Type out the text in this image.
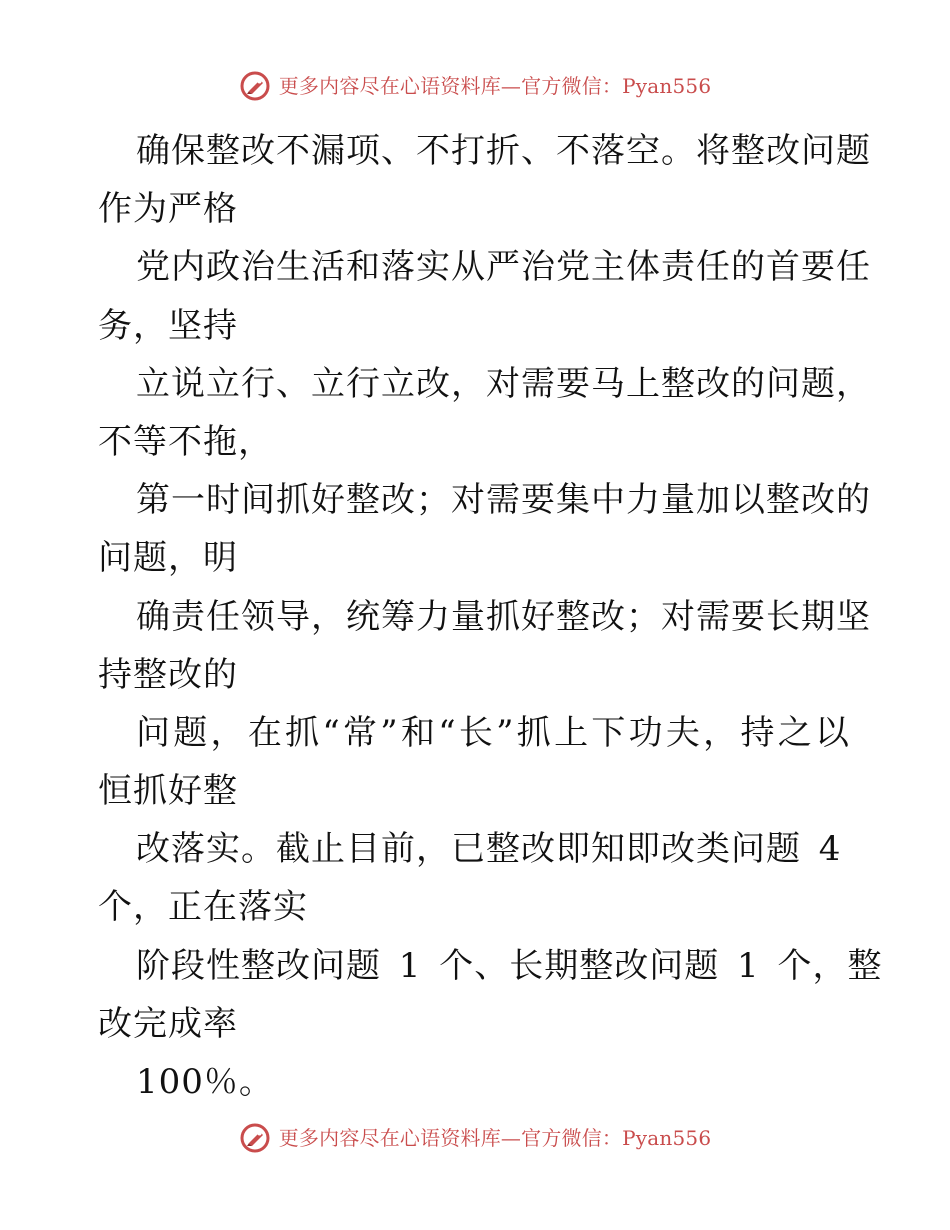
更多内容尽在心语资料库—官方微信：Pyan556
确保整改不漏项、不打折、不落空。将整改问题
作为严格
党内政治生活和落实从严治党主体责任的首要任
务，坚持
立说立行、立行立改，对需要马上整改的问题，
不等不拖，
第一时间抓好整改；对需要集中力量加以整改的
问题，明
确责任领导，统筹力量抓好整改；对需要长期坚
持整改的
问题，在抓“常”和“长”抓上下功夫，持之以
恒抓好整
改落实。截止目前，已整改即知即改类问题 4
个，正在落实
阶段性整改问题 1 个、长期整改问题 1 个，整
改完成率
100％。
更多内容尽在心语资料库—官方微信：Pyan556
